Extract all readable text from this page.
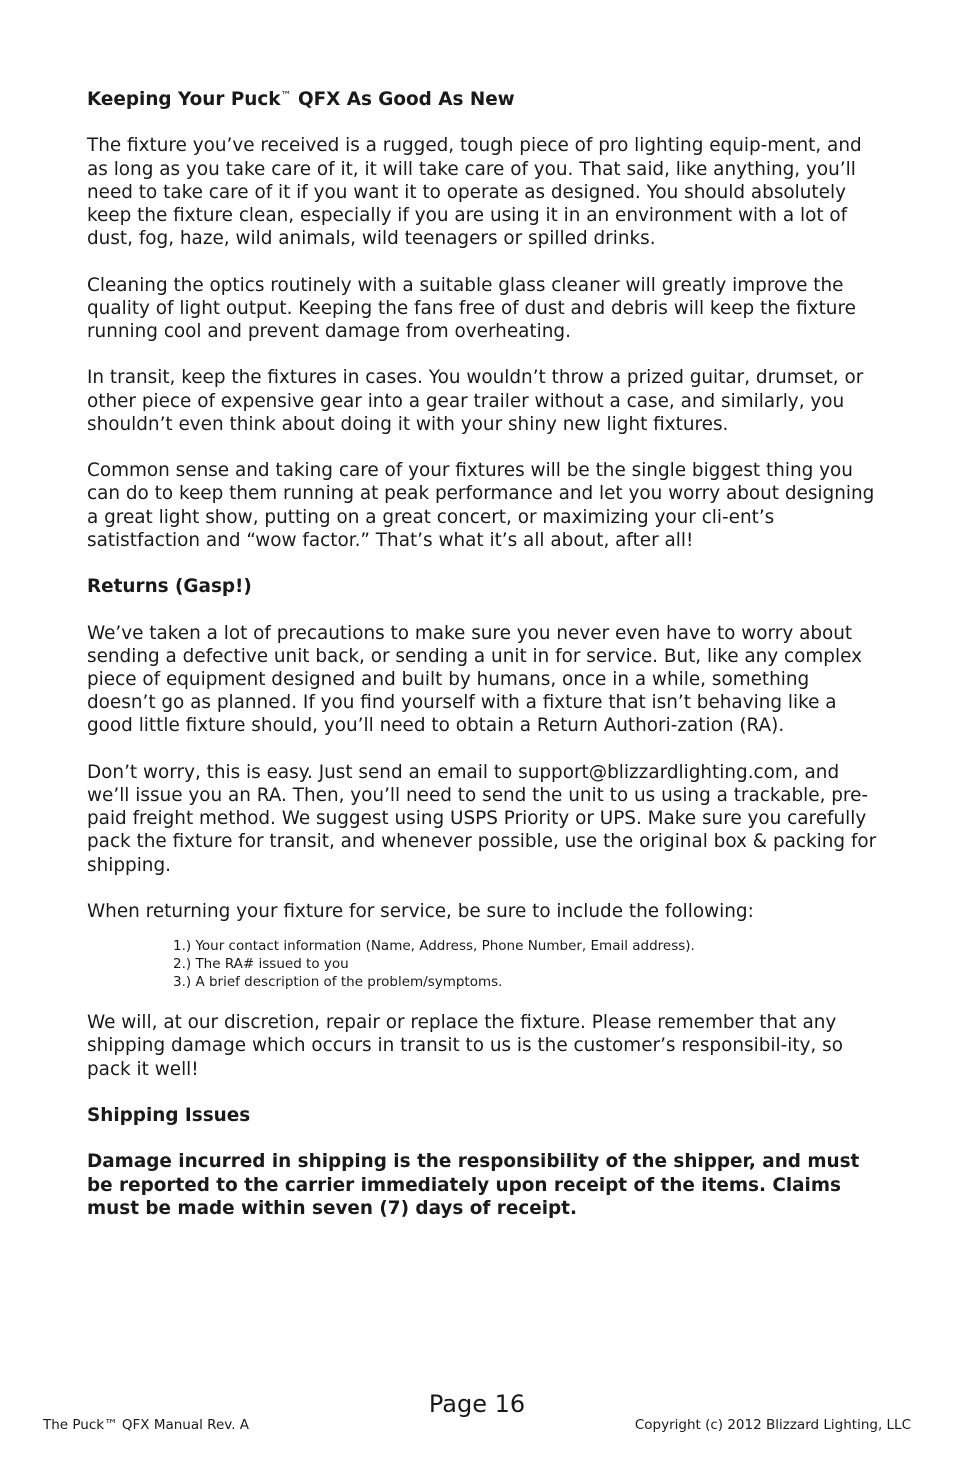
Keeping Your Puck™ QFX As Good As New

The fixture you’ve received is a rugged, tough piece of pro lighting equip-ment, and as long as you take care of it, it will take care of you. That said, like anything, you’ll need to take care of it if you want it to operate as designed. You should absolutely keep the fixture clean, especially if you are using it in an environment with a lot of dust, fog, haze, wild animals, wild teenagers or spilled drinks.

Cleaning the optics routinely with a suitable glass cleaner will greatly improve the quality of light output. Keeping the fans free of dust and debris will keep the fixture running cool and prevent damage from overheating.

In transit, keep the fixtures in cases. You wouldn’t throw a prized guitar, drumset, or other piece of expensive gear into a gear trailer without a case, and similarly, you shouldn’t even think about doing it with your shiny new light fixtures.

Common sense and taking care of your fixtures will be the single biggest thing you can do to keep them running at peak performance and let you worry about designing a great light show, putting on a great concert, or maximizing your cli-ent’s satistfaction and “wow factor.” That’s what it’s all about, after all!

Returns (Gasp!)

We’ve taken a lot of precautions to make sure you never even have to worry about sending a defective unit back, or sending a unit in for service. But, like any complex piece of equipment designed and built by humans, once in a while, something doesn’t go as planned. If you find yourself with a fixture that isn’t behaving like a good little fixture should, you’ll need to obtain a Return Authori-zation (RA).

Don’t worry, this is easy. Just send an email to support@blizzardlighting.com, and we’ll issue you an RA. Then, you’ll need to send the unit to us using a trackable, pre-paid freight method. We suggest using USPS Priority or UPS. Make sure you carefully pack the fixture for transit, and whenever possible, use the original box & packing for shipping.

When returning your fixture for service, be sure to include the following:

1.) Your contact information (Name, Address, Phone Number, Email address).
2.) The RA# issued to you
3.) A brief description of the problem/symptoms.

We will, at our discretion, repair or replace the fixture. Please remember that any shipping damage which occurs in transit to us is the customer’s responsibil-ity, so pack it well!

Shipping Issues

Damage incurred in shipping is the responsibility of the shipper, and must be reported to the carrier immediately upon receipt of the items. Claims must be made within seven (7) days of receipt.

Page 16
The Puck™ QFX Manual Rev. A	Copyright (c) 2012 Blizzard Lighting, LLC
